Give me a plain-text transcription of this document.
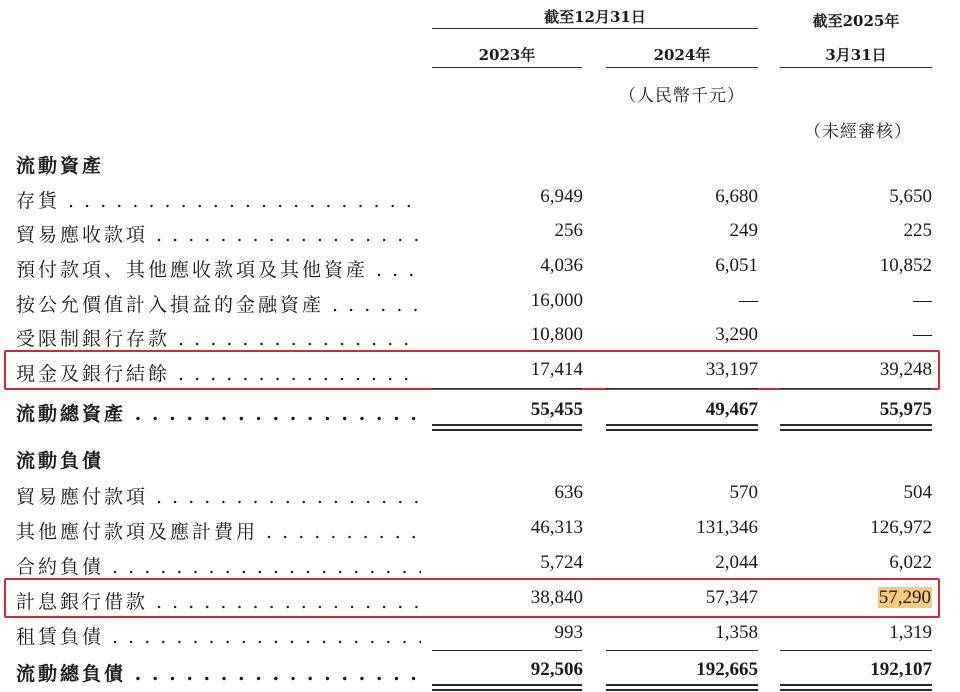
截至12月31日
2023年	2024年
截至2025年
3月31日
（人民幣千元）
（未經審核）
流動資產
存貨 . . .	6,949	6,680	5,650
貿易應收款項 . . .	256	249	225
預付款項、其他應收款項及其他資產 . . .	4,036	6,051	10,852
按公允價值計入損益的金融資產 . . .	16,000	—	—
受限制銀行存款 . . .	10,800	3,290	—
現金及銀行結餘 . . .	17,414	33,197	39,248
流動總資產 . . .	55,455	49,467	55,975
流動負債
貿易應付款項 . . .	636	570	504
其他應付款項及應計費用 . . .	46,313	131,346	126,972
合約負債 . . .	5,724	2,044	6,022
計息銀行借款 . . .	38,840	57,347	57,290
租賃負債 . . .	993	1,358	1,319
流動總負債 . . .	92,506	192,665	192,107
